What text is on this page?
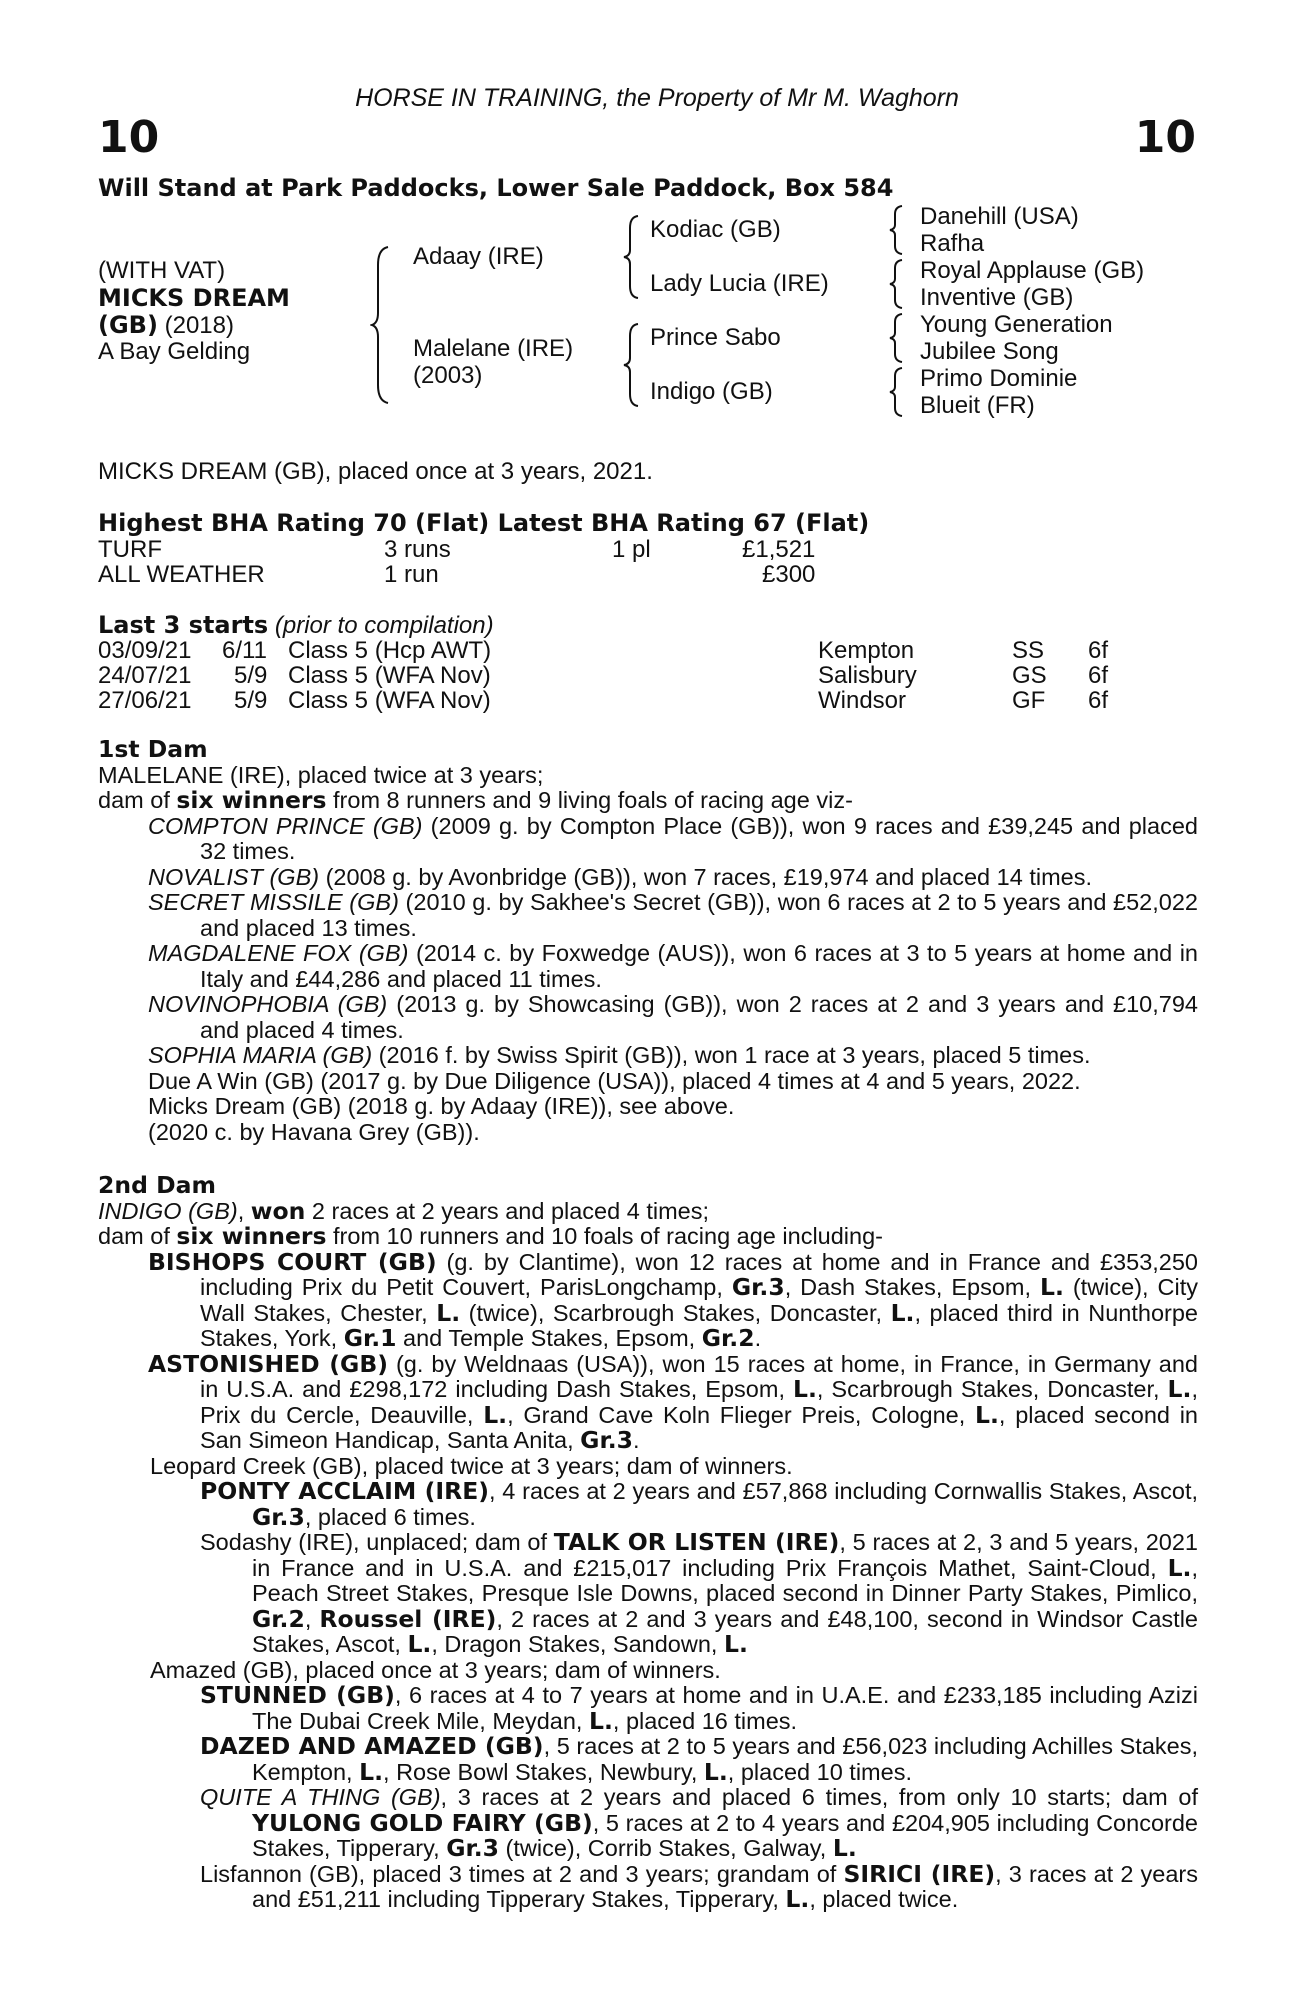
HORSE IN TRAINING, the Property of Mr M. Waghorn
10	10
Will Stand at Park Paddocks, Lower Sale Paddock, Box 584
(WITH VAT)
MICKS DREAM
(GB) (2018)
A Bay Gelding
Adaay (IRE)
Malelane (IRE)
(2003)
Kodiac (GB)
Lady Lucia (IRE)
Prince Sabo
Indigo (GB)
Danehill (USA)
Rafha
Royal Applause (GB)
Inventive (GB)
Young Generation
Jubilee Song
Primo Dominie
Blueit (FR)
MICKS DREAM (GB), placed once at 3 years, 2021.
Highest BHA Rating 70 (Flat) Latest BHA Rating 67 (Flat)
TURF	3 runs	1 pl	£1,521
ALL WEATHER	1 run	£300
Last 3 starts (prior to compilation)
03/09/21 6/11 Class 5 (Hcp AWT)	Kempton	SS 6f
24/07/21 5/9 Class 5 (WFA Nov)	Salisbury	GS 6f
27/06/21 5/9 Class 5 (WFA Nov)	Windsor	GF 6f

1st Dam

MALELANE (IRE), placed twice at 3 years;

dam of six winners from 8 runners and 9 living foals of racing age viz-

COMPTON PRINCE (GB) (2009 g. by Compton Place (GB)), won 9 races and £39,245 and placed 32 times.

NOVALIST (GB) (2008 g. by Avonbridge (GB)), won 7 races, £19,974 and placed 14 times.

SECRET MISSILE (GB) (2010 g. by Sakhee's Secret (GB)), won 6 races at 2 to 5 years and £52,022 and placed 13 times.

MAGDALENE FOX (GB) (2014 c. by Foxwedge (AUS)), won 6 races at 3 to 5 years at home and in Italy and £44,286 and placed 11 times.

NOVINOPHOBIA (GB) (2013 g. by Showcasing (GB)), won 2 races at 2 and 3 years and £10,794 and placed 4 times.

SOPHIA MARIA (GB) (2016 f. by Swiss Spirit (GB)), won 1 race at 3 years, placed 5 times.

Due A Win (GB) (2017 g. by Due Diligence (USA)), placed 4 times at 4 and 5 years, 2022.

Micks Dream (GB) (2018 g. by Adaay (IRE)), see above.

(2020 c. by Havana Grey (GB)).

2nd Dam

INDIGO (GB), won 2 races at 2 years and placed 4 times;

dam of six winners from 10 runners and 10 foals of racing age including-

BISHOPS COURT (GB) (g. by Clantime), won 12 races at home and in France and £353,250 including Prix du Petit Couvert, ParisLongchamp, Gr.3, Dash Stakes, Epsom, L. (twice), City Wall Stakes, Chester, L. (twice), Scarbrough Stakes, Doncaster, L., placed third in Nunthorpe Stakes, York, Gr.1 and Temple Stakes, Epsom, Gr.2.

ASTONISHED (GB) (g. by Weldnaas (USA)), won 15 races at home, in France, in Germany and in U.S.A. and £298,172 including Dash Stakes, Epsom, L., Scarbrough Stakes, Doncaster, L., Prix du Cercle, Deauville, L., Grand Cave Koln Flieger Preis, Cologne, L., placed second in San Simeon Handicap, Santa Anita, Gr.3.

Leopard Creek (GB), placed twice at 3 years; dam of winners.

PONTY ACCLAIM (IRE), 4 races at 2 years and £57,868 including Cornwallis Stakes, Ascot, Gr.3, placed 6 times.

Sodashy (IRE), unplaced; dam of TALK OR LISTEN (IRE), 5 races at 2, 3 and 5 years, 2021 in France and in U.S.A. and £215,017 including Prix François Mathet, Saint-Cloud, L., Peach Street Stakes, Presque Isle Downs, placed second in Dinner Party Stakes, Pimlico, Gr.2, Roussel (IRE), 2 races at 2 and 3 years and £48,100, second in Windsor Castle Stakes, Ascot, L., Dragon Stakes, Sandown, L.

Amazed (GB), placed once at 3 years; dam of winners.

STUNNED (GB), 6 races at 4 to 7 years at home and in U.A.E. and £233,185 including Azizi The Dubai Creek Mile, Meydan, L., placed 16 times.

DAZED AND AMAZED (GB), 5 races at 2 to 5 years and £56,023 including Achilles Stakes, Kempton, L., Rose Bowl Stakes, Newbury, L., placed 10 times.

QUITE A THING (GB), 3 races at 2 years and placed 6 times, from only 10 starts; dam of YULONG GOLD FAIRY (GB), 5 races at 2 to 4 years and £204,905 including Concorde Stakes, Tipperary, Gr.3 (twice), Corrib Stakes, Galway, L.

Lisfannon (GB), placed 3 times at 2 and 3 years; grandam of SIRICI (IRE), 3 races at 2 years and £51,211 including Tipperary Stakes, Tipperary, L., placed twice.
